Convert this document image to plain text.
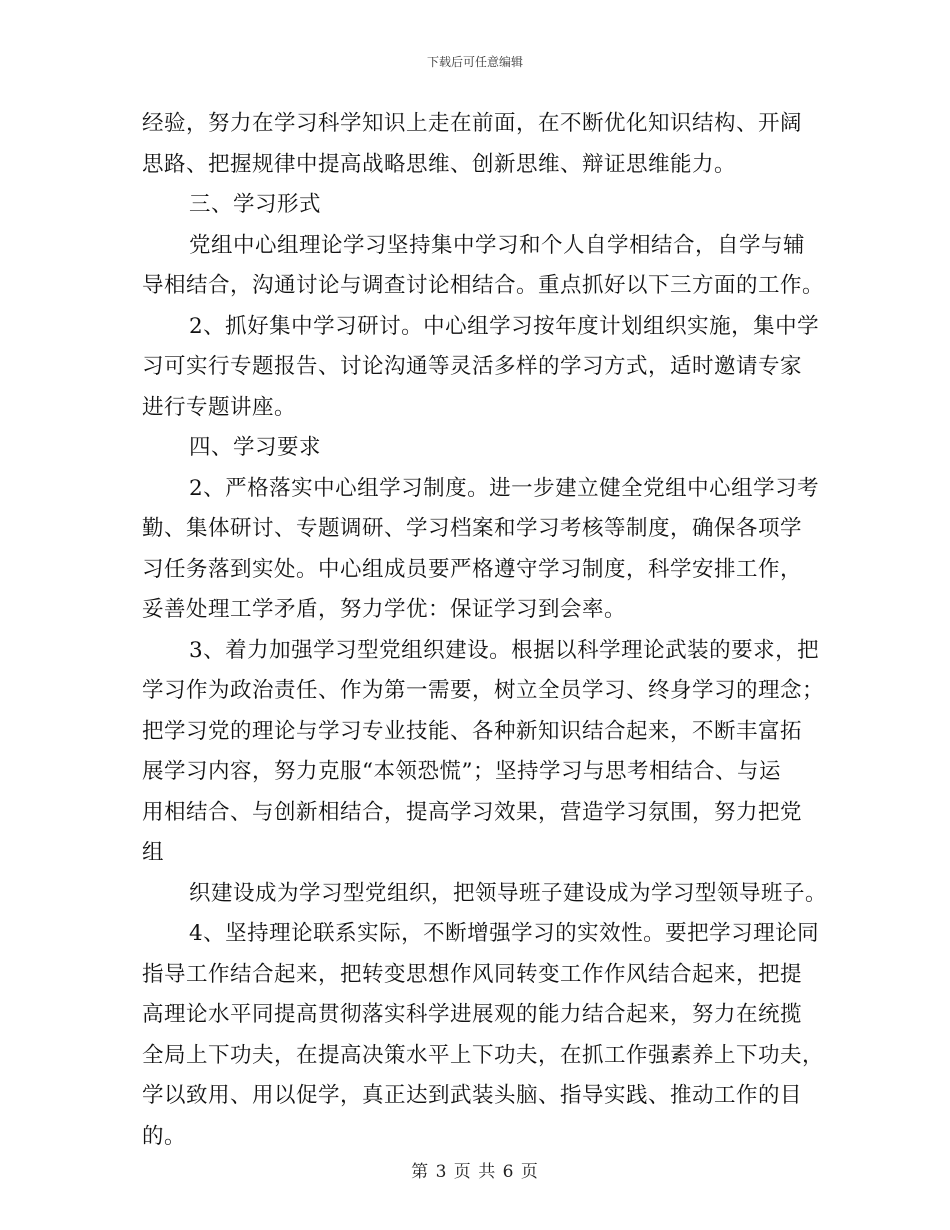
下载后可任意编辑
经验，努力在学习科学知识上走在前面，在不断优化知识结构、开阔
思路、把握规律中提高战略思维、创新思维、辩证思维能力。
三、学习形式
党组中心组理论学习坚持集中学习和个人自学相结合，自学与辅
导相结合，沟通讨论与调查讨论相结合。重点抓好以下三方面的工作。
2、抓好集中学习研讨。中心组学习按年度计划组织实施，集中学
习可实行专题报告、讨论沟通等灵活多样的学习方式，适时邀请专家
进行专题讲座。
四、学习要求
2、严格落实中心组学习制度。进一步建立健全党组中心组学习考
勤、集体研讨、专题调研、学习档案和学习考核等制度，确保各项学
习任务落到实处。中心组成员要严格遵守学习制度，科学安排工作，
妥善处理工学矛盾，努力学优：保证学习到会率。
3、着力加强学习型党组织建设。根据以科学理论武装的要求，把
学习作为政治责任、作为第一需要，树立全员学习、终身学习的理念；
把学习党的理论与学习专业技能、各种新知识结合起来，不断丰富拓
展学习内容，努力克服“本领恐慌”；坚持学习与思考相结合、与运
用相结合、与创新相结合，提高学习效果，营造学习氛围，努力把党
组
织建设成为学习型党组织，把领导班子建设成为学习型领导班子。
4、坚持理论联系实际，不断增强学习的实效性。要把学习理论同
指导工作结合起来，把转变思想作风同转变工作作风结合起来，把提
高理论水平同提高贯彻落实科学进展观的能力结合起来，努力在统揽
全局上下功夫，在提高决策水平上下功夫，在抓工作强素养上下功夫，
学以致用、用以促学，真正达到武装头脑、指导实践、推动工作的目
的。
第 3 页 共 6 页
